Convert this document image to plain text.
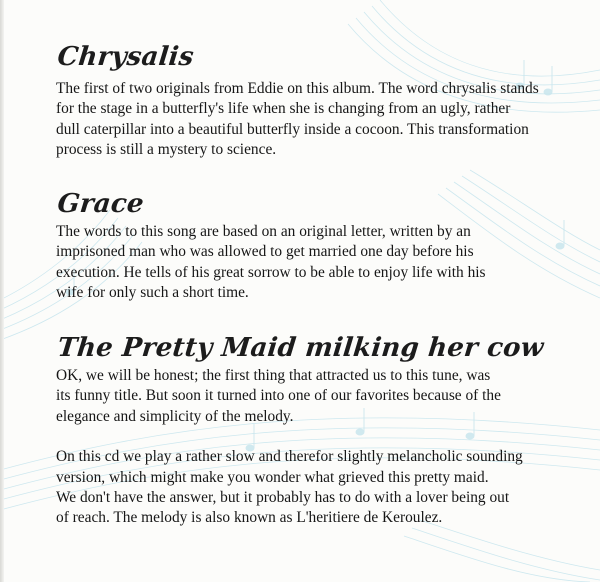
Chrysalis

The first of two originals from Eddie on this album. The word chrysalis stands
for the stage in a butterfly's life when she is changing from an ugly, rather
dull caterpillar into a beautiful butterfly inside a cocoon. This transformation
process is still a mystery to science.

Grace

The words to this song are based on an original letter, written by an
imprisoned man who was allowed to get married one day before his
execution. He tells of his great sorrow to be able to enjoy life with his
wife for only such a short time.

The Pretty Maid milking her cow

OK, we will be honest; the first thing that attracted us to this tune, was
its funny title. But soon it turned into one of our favorites because of the
elegance and simplicity of the melody.

On this cd we play a rather slow and therefor slightly melancholic sounding
version, which might make you wonder what grieved this pretty maid.
We don't have the answer, but it probably has to do with a lover being out
of reach. The melody is also known as L'heritiere de Keroulez.
